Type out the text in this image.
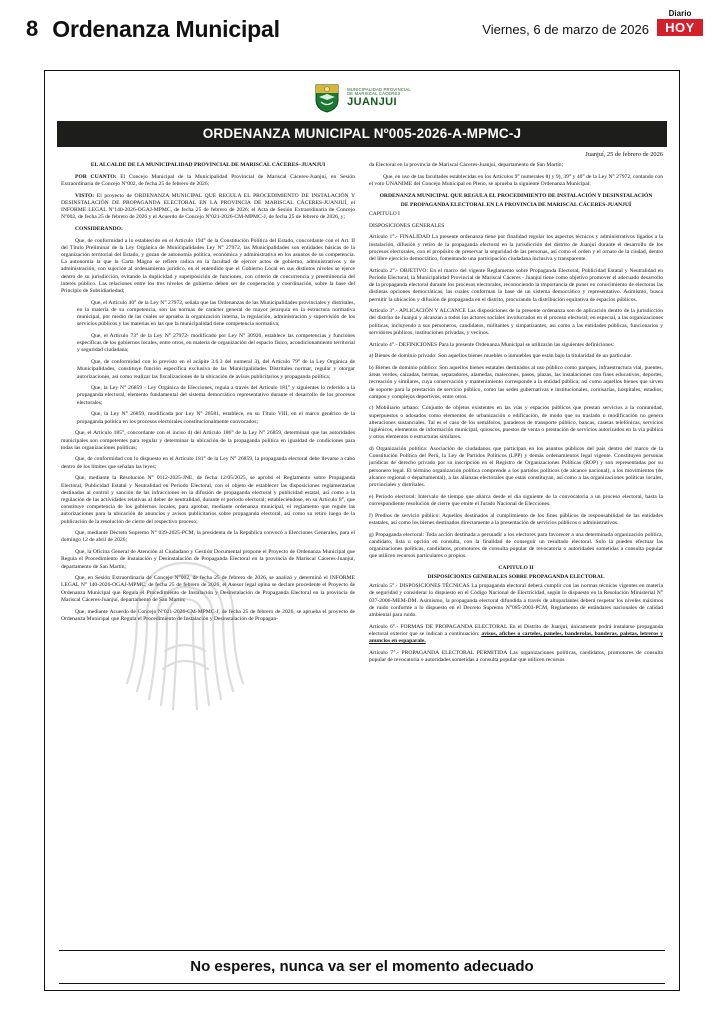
8 Ordenanza Municipal	Viernes, 6 de marzo de 2026
Diario
HOY
MUNICIPALIDAD PROVINCIAL
DE MARISCAL CÁCERES
JUANJUI
ORDENANZA MUNICIPAL Nº005-2026-A-MPMC-J
Juanjuí, 25 de febrero de 2026

EL ALCALDE DE LA MUNICIPALIDAD PROVINCIAL DE MARISCAL CÁCERES–JUANJUI

POR CUANTO: El Concejo Municipal de la Municipalidad Provincial de Mariscal Cáceres-Juanjuí, en Sesión Extraordinaria de Concejo Nº002, de fecha 25 de febrero de 2026;

VISTO: El proyecto de ORDENANZA MUNICIPAL QUE REGULA EL PROCEDIMIENTO DE INSTALACIÓN Y DESINSTALACIÓN DE PROPAGANDA ELECTORAL EN LA PROVINCIA DE MARISCAL CÁCERES-JUANJUÍ, el INFORME LEGAL Nº140-2026-OGAJ-MPMC, de fecha 25 de febrero de 2026; el Acta de Sesión Extraordinaria de Concejo Nº002, de fecha 25 de febrero de 2026 y el Acuerdo de Concejo Nº021-2026-CM-MPMC-J, de fecha 25 de febrero de 2026, y;

CONSIDERANDO:

Que, de conformidad a lo establecido en el Artículo 194° de la Constitución Política del Estado, concordante con el Art. II del Título Preliminar de la Ley Orgánica de Municipalidades Ley N° 27972, las Municipalidades son entidades básicas de la organización territorial del Estado, y gozan de autonomía política, económica y administrativa en los asuntos de su competencia. La autonomía la que la Carta Magna se refiere radica en la facultad de ejercer actos de gobierno, administrativos y de administración, con sujeción al ordenamiento jurídico, en el entendido que el Gobierno Local en sus distintos niveles se ejerce dentro de su jurisdicción, evitando la duplicidad y superposición de funciones, con criterio de concurrencia y preeminencia del interés público. Las relaciones entre los tres niveles de gobierno deben ser de cooperación y coordinación, sobre la base del Principio de Subsidiariedad;

Que, el Artículo 40° de la Ley N° 27972, señala que las Ordenanzas de las Municipalidades provinciales y distritales, en la materia de su competencia, son las normas de carácter general de mayor jerarquía en la estructura normativa municipal, por medio de las cuales se aprueba la organización interna, la regulación, administración y supervisión de los servicios públicos y las materias en las que la municipalidad tiene competencia normativa;

Que, el Artículo 73° de la Ley N° 27972- modificado por Ley N° 30920, establece las competencias y funciones específicas de los gobiernos locales, entre otros, en materia de organización del espacio físico, acondicionamiento territorial y seguridad ciudadana;

Que, de conformidad con lo previsto en el acápite 3.6.3 del numeral 3), del Artículo 79° de la Ley Orgánica de Municipalidades, constituye función específica exclusiva de las Municipalidades Distritales normar, regular y otorgar autorizaciones, así como realizar las fiscalizaciones de la ubicación de avisos publicitarios y propaganda política;

Que, la Ley N° 26859 - Ley Orgánica de Elecciones, regula a través del Artículo 181° y siguientes lo referido a la propaganda electoral, elemento fundamental del sistema democrático representativo durante el desarrollo de los procesos electorales;

Que, la Ley N° 26859, modificada por Ley N° 28581, establece, en su Título VIII, en el marco genérico de la propaganda política en los procesos electorales constitucionalmente convocados;

Que, el Artículo 185°, concordante con el inciso d) del Artículo 186° de la Ley N° 26859, determinan que las autoridades municipales son competentes para regular y determinar la ubicación de la propaganda política en igualdad de condiciones para todas las organizaciones políticas;

Que, de conformidad con lo dispuesto en el Artículo 181° de la Ley N° 26859, la propaganda electoral debe llevarse a cabo dentro de los límites que señalan las leyes;

Que, mediante la Resolución N° 0112-2025-JNE, de fecha 12/05/2025, se aprobó el Reglamento sobre Propaganda Electoral, Publicidad Estatal y Neutralidad en Periodo Electoral, con el objeto de establecer las disposiciones reglamentarias destinadas al control y sanción de las infracciones en la difusión de propaganda electoral y publicidad estatal, así como a la regulación de las actividades relativas al deber de neutralidad, durante el periodo electoral; estableciéndose, en su Artículo 8°, que constituye competencia de los gobiernos locales, para aprobar, mediante ordenanza municipal, el reglamento que regule las autorizaciones para la ubicación de anuncios y avisos publicitarios sobre propaganda electoral, así como su retiro luego de la publicación de la resolución de cierre del respectivo proceso;

Que, mediante Decreto Supremo N° 039-2025-PCM, la presidenta de la República convocó a Elecciones Generales, para el domingo 12 de abril de 2026;

Que, la Oficina General de Atención al Ciudadano y Gestión Documental propone el Proyecto de Ordenanza Municipal que Regula el Procedimiento de Instalación y Desinstalación de Propaganda Electoral en la provincia de Mariscal Cáceres-Juanjuí, departamento de San Martín;

Que, en Sesión Extraordinaria de Concejo N°002, de fecha 25 de febrero de 2026, se analizó y determinó el INFORME LEGAL N° 140-2026-OGAJ-MPMC, de fecha 25 de febrero de 2026, el Asesor legal opina se declare procedente el Proyecto de Ordenanza Municipal que Regula el Procedimiento de Instalación y Desinstalación de Propaganda Electoral en la provincia de Mariscal Cáceres-Juanjuí, departamento de San Martín;

Que, mediante Acuerdo de Concejo Nº021-2026-CM-MPMC-J, de fecha 25 de febrero de 2026, se aprueba el proyecto de Ordenanza Municipal que Regula el Procedimiento de Instalación y Desinstalación de Propagan-

da Electoral en la provincia de Mariscal Cáceres-Juanjuí, departamento de San Martín;

Que, en uso de las facultades establecidas en los Artículos 9° numerales 8) y 9), 39° y 40° de la Ley N° 27972, contando con el voto UNANIME del Concejo Municipal en Pleno, se aprueba la siguiente Ordenanza Municipal:

ORDENANZA MUNICIPAL QUE REGULA EL PROCEDIMIENTO DE INSTALACIÓN Y DESINSTALACIÓN

DE PROPAGANDA ELECTORAL EN LA PROVINCIA DE MARISCAL CÁCERES-JUANJUÍ

CAPITULO I

DISPOSICIONES GENERALES

Artículo 1°.- FINALIDAD La presente ordenanza tiene por finalidad regular los aspectos técnicos y administrativos ligados a la instalación, difusión y retiro de la propaganda electoral en la jurisdicción del distrito de Juanjuí durante el desarrollo de los procesos electorales, con el propósito de preservar la seguridad de las personas, así como el orden y el ornato de la ciudad, dentro del libre ejercicio democrático, fomentando una participación ciudadana inclusiva y transparente.

Artículo 2°.- OBJETIVO: En el marco del vigente Reglamento sobre Propaganda Electoral, Publicidad Estatal y Neutralidad en Período Electoral, la Municipalidad Provincial de Mariscal Cáceres - Juanjuí tiene como objetivo promover el adecuado desarrollo de la propaganda electoral durante los procesos electorales, reconociendo la importancia de poner en conocimiento de electoras las distintas opciones democráticas, las cuales conforman la base de un sistema democrático y representativo. Asimismo, busca permitir la ubicación y difusión de propaganda en el distrito, procurando la distribución equitativa de espacios públicos.

Artículo 3°.- APLICACIÓN Y ALCANCE Las disposiciones de la presente ordenanza son de aplicación dentro de la jurisdicción del distrito de Juanjuí y alcanzan a todos los actores sociales involucrados en el proceso electoral; en especial, a las organizaciones políticas, incluyendo a sus personeros, candidatos, militantes y simpatizantes, así como a las entidades públicas, funcionarios y servidores públicos, instituciones privadas, y vecinos.

Artículo 4°.- DEFINICIONES Para la presente Ordenanza Municipal se utilizarán las siguientes definiciones:

a) Bienes de dominio privado: Son aquellos bienes muebles o inmuebles que están bajo la titularidad de un particular.

b) Bienes de dominio público: Son aquellos bienes estatales destinados al uso público como parques, infraestructura vial, puentes, áreas verdes, caizadas, bermas, separadores, alamedas, malecones, pasos, plazas, las instalaciones con fines educativos, deportes, recreación y similares, cuya conservación y mantenimiento corresponde a la entidad pública; así como aquellos bienes que sirven de soporte para la prestación de servicio público, como las sedes gubernativas e institucionales, comisarías, hospitales, estadios, campos y complejos deportivos, entre otros.

c) Mobiliario urbano: Conjunto de objetos existentes en las vías y espacios públicos que prestan servicios a la comunidad, superpuestos o adosados como elementos de urbanización o edificación, de modo que su traslado o modificación no genera alteraciones sustanciales. Tal es el caso de los semáforos, paraderos de transporte público, bancas, casetas telefónicas, servicios higiénicos, elementos de información municipal, quioscos, puestos de venta o prestación de servicios autorizados en la vía pública y otros elementos o estructuras similares.

d) Organización política: Asociación de ciudadanos que participan en los asuntos públicos del país dentro del marco de la Constitución Política del Perú, la Ley de Partidos Políticos (LPP) y demás ordenamientos legal vigente. Constituyen personas jurídicas de derecho privado por su inscripción en el Registro de Organizaciones Políticas (ROP) y son representadas por su personero legal. El término organización política comprende a los partidos políticos (de alcance nacional), a los movimientos (de alcance regional o departamental), a las alianzas electorales que estas constituyan, así como a las organizaciones políticas locales, provinciales y distritales.

e) Período electoral: Intervalo de tiempo que abarca desde el día siguiente de la convocatoria a un proceso electoral, hasta la correspondiente resolución de cierre que emite el Jurado Nacional de Elecciones.

f) Predios de servicio público: Aquellos destinados al cumplimiento de los fines públicos de responsabilidad de las entidades estatales, así como los bienes destinados directamente a la presentación de servicios públicos o administrativos.

g) Propaganda electoral: Toda acción destinada a persuadir a los electores para favorecer a una determinada organización política, candidato, lista u opción en consulta, con la finalidad de conseguir un resultado electoral. Solo la pueden efectuar las organizaciones políticas, candidatos, promotores de consulta popular de revocatoria o autoridades sometidas a consulta popular que utilicen recursos particulares o propios.

CAPITULO II

DISPOSICIONES GENERALES SOBRE PROPAGANDA ELECTORAL

Artículo 5°.- DISPOSICIONES TÉCNICAS La propaganda electoral deberá cumplir con las normas técnicas vigentes en materia de seguridad y considerar lo dispuesto en el Código Nacional de Electricidad, según lo dispuesto en la Resolución Ministerial N° 037-2006-MEM-DM. Asimismo, la propaganda electoral difundida a través de altoparlantes deberá respetar los niveles máximos de ruido conforme a lo dispuesto en el Decreto Supremo N°085-2003-PCM, Reglamento de estándares nacionales de calidad ambiental para ruido.

Artículo 6°.- FORMAS DE PROPAGANDA ELECTORAL En el Distrito de Juanjuí, únicamente podrá instalarse propaganda electoral exterior que se indican a continuación: avisos, afiches o carteles, paneles, banderolas, banderas, paletas, letreros y anuncios en espaparale.

Artículo 7°.- PROPAGANDA ELECTORAL PERMITIDA Las organizaciones políticas, candidatos, promotores de consulta popular de revocatoria o autoridades sometidas a consulta popular que utilicen recursos

No esperes, nunca va ser el momento adecuado
